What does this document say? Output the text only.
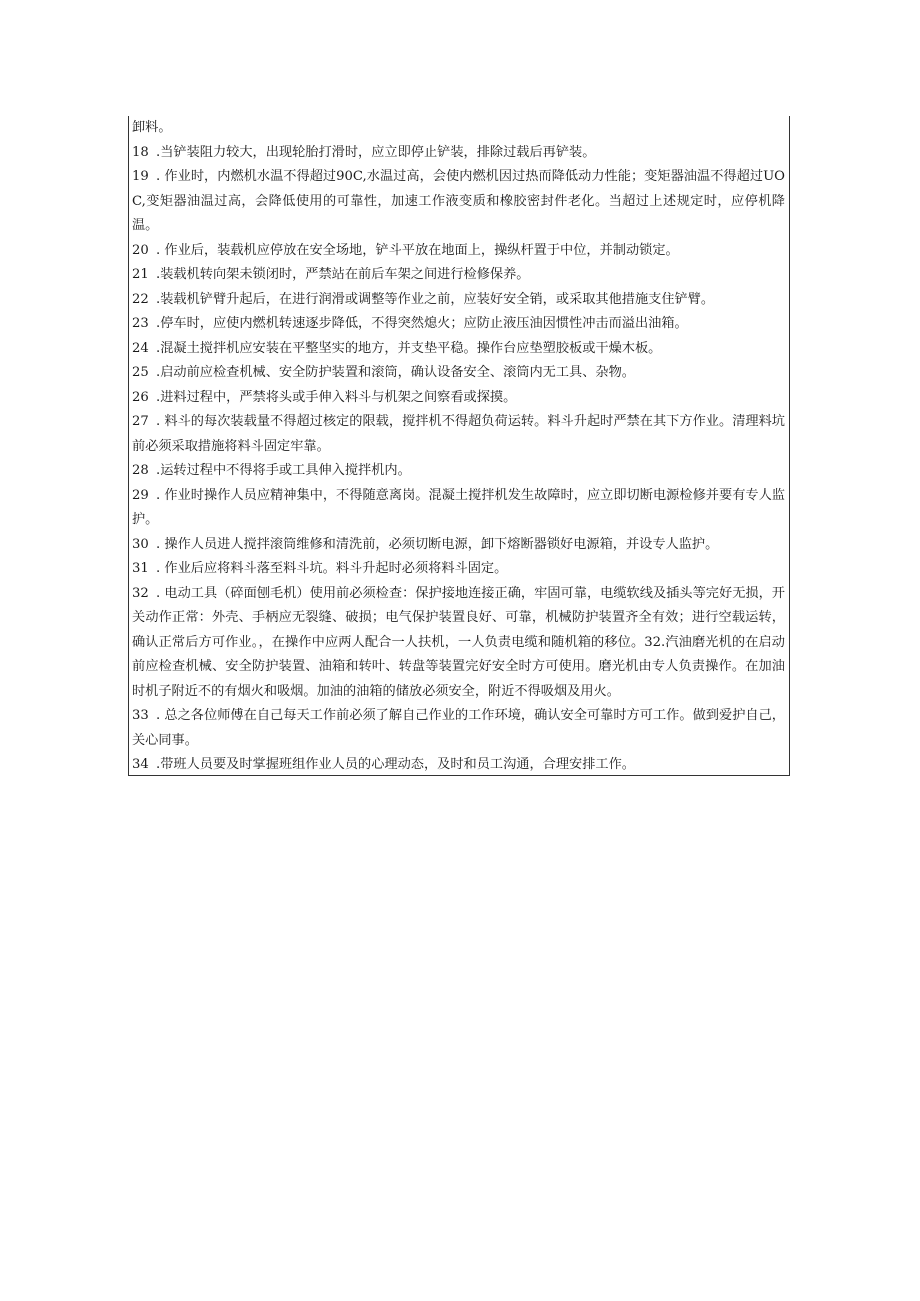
卸料。

18 .当铲装阻力较大，出现轮胎打滑时，应立即停止铲装，排除过载后再铲装。

19 . 作业时，内燃机水温不得超过90C,水温过高，会使内燃机因过热而降低动力性能；变矩器油温不得超过UOC,变矩器油温过高，会降低使用的可靠性，加速工作液变质和橡胶密封件老化。当超过上述规定时，应停机降温。

20 . 作业后，装载机应停放在安全场地，铲斗平放在地面上，操纵杆置于中位，并制动锁定。

21 .装载机转向架未锁闭时，严禁站在前后车架之间进行检修保养。

22 .装载机铲臂升起后，在进行润滑或调整等作业之前，应装好安全销，或采取其他措施支住铲臂。

23 .停车时，应使内燃机转速逐步降低，不得突然熄火；应防止液压油因惯性冲击而溢出油箱。

24 .混凝土搅拌机应安装在平整坚实的地方，并支垫平稳。操作台应垫塑胶板或干燥木板。

25 .启动前应检查机械、安全防护装置和滚筒，确认设备安全、滚筒内无工具、杂物。

26 .进料过程中，严禁将头或手伸入料斗与机架之间察看或探摸。

27 . 料斗的每次装载量不得超过核定的限载，搅拌机不得超负荷运转。料斗升起时严禁在其下方作业。清理料坑前必须采取措施将料斗固定牢靠。

28 .运转过程中不得将手或工具伸入搅拌机内。

29 . 作业时操作人员应精神集中，不得随意离岗。混凝土搅拌机发生故障时，应立即切断电源检修并要有专人监护。

30 . 操作人员进人搅拌滚筒维修和清洗前，必须切断电源，卸下熔断器锁好电源箱，并设专人监护。

31 . 作业后应将料斗落至料斗坑。料斗升起时必须将料斗固定。

32 . 电动工具（碎面刨毛机）使用前必须检查：保护接地连接正确，牢固可靠，电缆软线及插头等完好无损，开关动作正常：外壳、手柄应无裂缝、破损；电气保护装置良好、可靠，机械防护装置齐全有效；进行空载运转，确认正常后方可作业。，在操作中应两人配合一人扶机，一人负责电缆和随机箱的移位。32.汽油磨光机的在启动前应检查机械、安全防护装置、油箱和转叶、转盘等装置完好安全时方可使用。磨光机由专人负责操作。在加油时机子附近不的有烟火和吸烟。加油的油箱的储放必须安全，附近不得吸烟及用火。

33 . 总之各位师傅在自己每天工作前必须了解自己作业的工作环境，确认安全可靠时方可工作。做到爱护自己，关心同事。

34 .带班人员要及时掌握班组作业人员的心理动态，及时和员工沟通，合理安排工作。
